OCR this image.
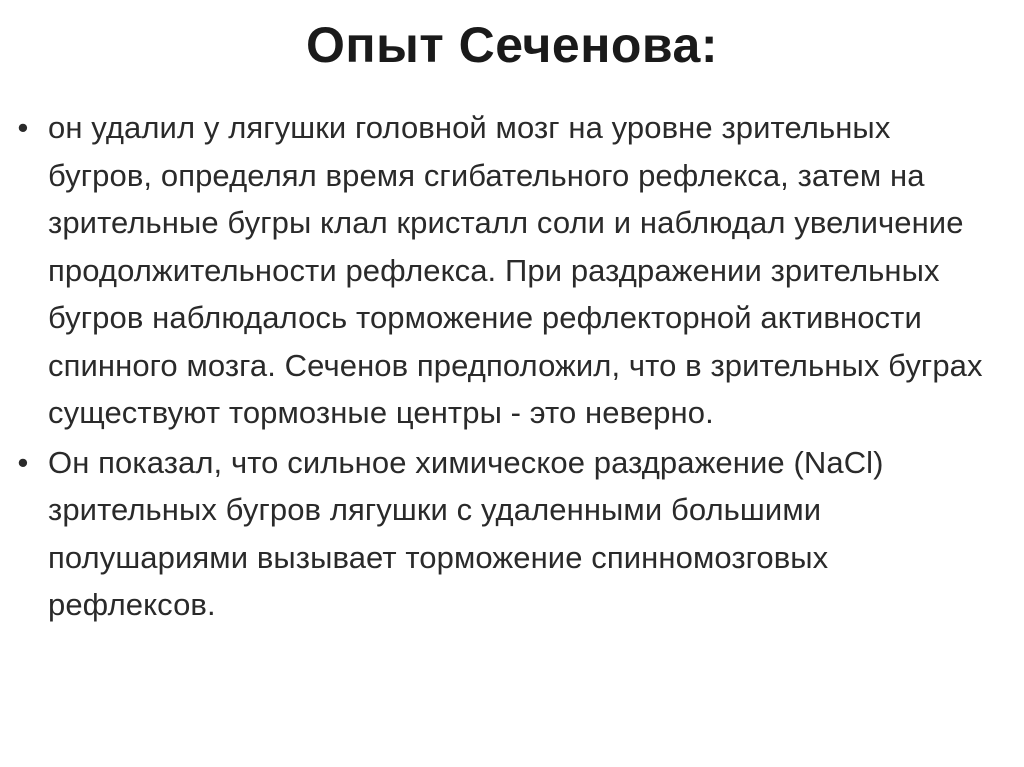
Опыт Сеченова:
• он удалил у лягушки головной мозг на уровне зрительных бугров, определял время сгибательного рефлекса, затем на зрительные бугры клал кристалл соли и наблюдал увеличение продолжительности рефлекса. При раздражении зрительных бугров наблюдалось торможение рефлекторной активности спинного мозга. Сеченов предположил, что в зрительных буграх существуют тормозные центры - это неверно.
• Он показал, что сильное химическое раздражение (NaCl) зрительных бугров лягушки с удаленными большими полушариями вызывает торможение спинномозговых рефлексов.
